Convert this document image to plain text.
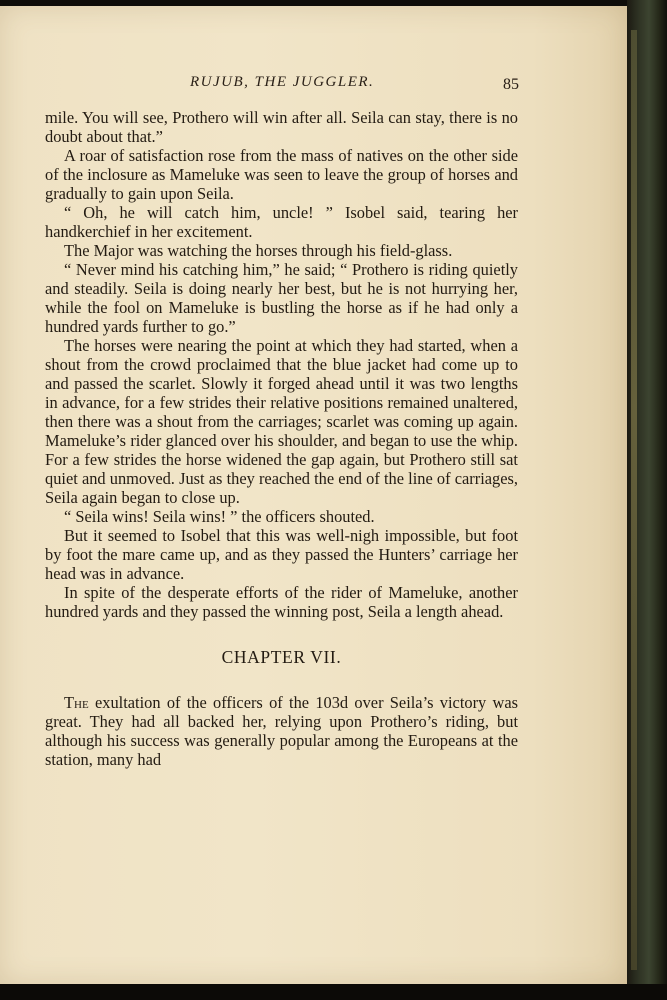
RUJUB, THE JUGGLER.	85

mile. You will see, Prothero will win after all. Seila can stay, there is no doubt about that.”

A roar of satisfaction rose from the mass of natives on the other side of the inclosure as Mameluke was seen to leave the group of horses and gradually to gain upon Seila.

“ Oh, he will catch him, uncle! ” Isobel said, tearing her handkerchief in her excitement.

The Major was watching the horses through his field-glass.

“ Never mind his catching him,” he said; “ Prothero is riding quietly and steadily. Seila is doing nearly her best, but he is not hurrying her, while the fool on Mameluke is bustling the horse as if he had only a hundred yards further to go.”

The horses were nearing the point at which they had started, when a shout from the crowd proclaimed that the blue jacket had come up to and passed the scarlet. Slowly it forged ahead until it was two lengths in advance, for a few strides their relative positions remained unaltered, then there was a shout from the carriages; scarlet was coming up again. Mameluke’s rider glanced over his shoulder, and began to use the whip. For a few strides the horse widened the gap again, but Prothero still sat quiet and unmoved. Just as they reached the end of the line of carriages, Seila again began to close up.

“ Seila wins! Seila wins! ” the officers shouted.

But it seemed to Isobel that this was well-nigh impossible, but foot by foot the mare came up, and as they passed the Hunters’ carriage her head was in advance.

In spite of the desperate efforts of the rider of Mameluke, another hundred yards and they passed the winning post, Seila a length ahead.

CHAPTER VII.

The exultation of the officers of the 103d over Seila’s victory was great. They had all backed her, relying upon Prothero’s riding, but although his success was generally popular among the Europeans at the station, many had
